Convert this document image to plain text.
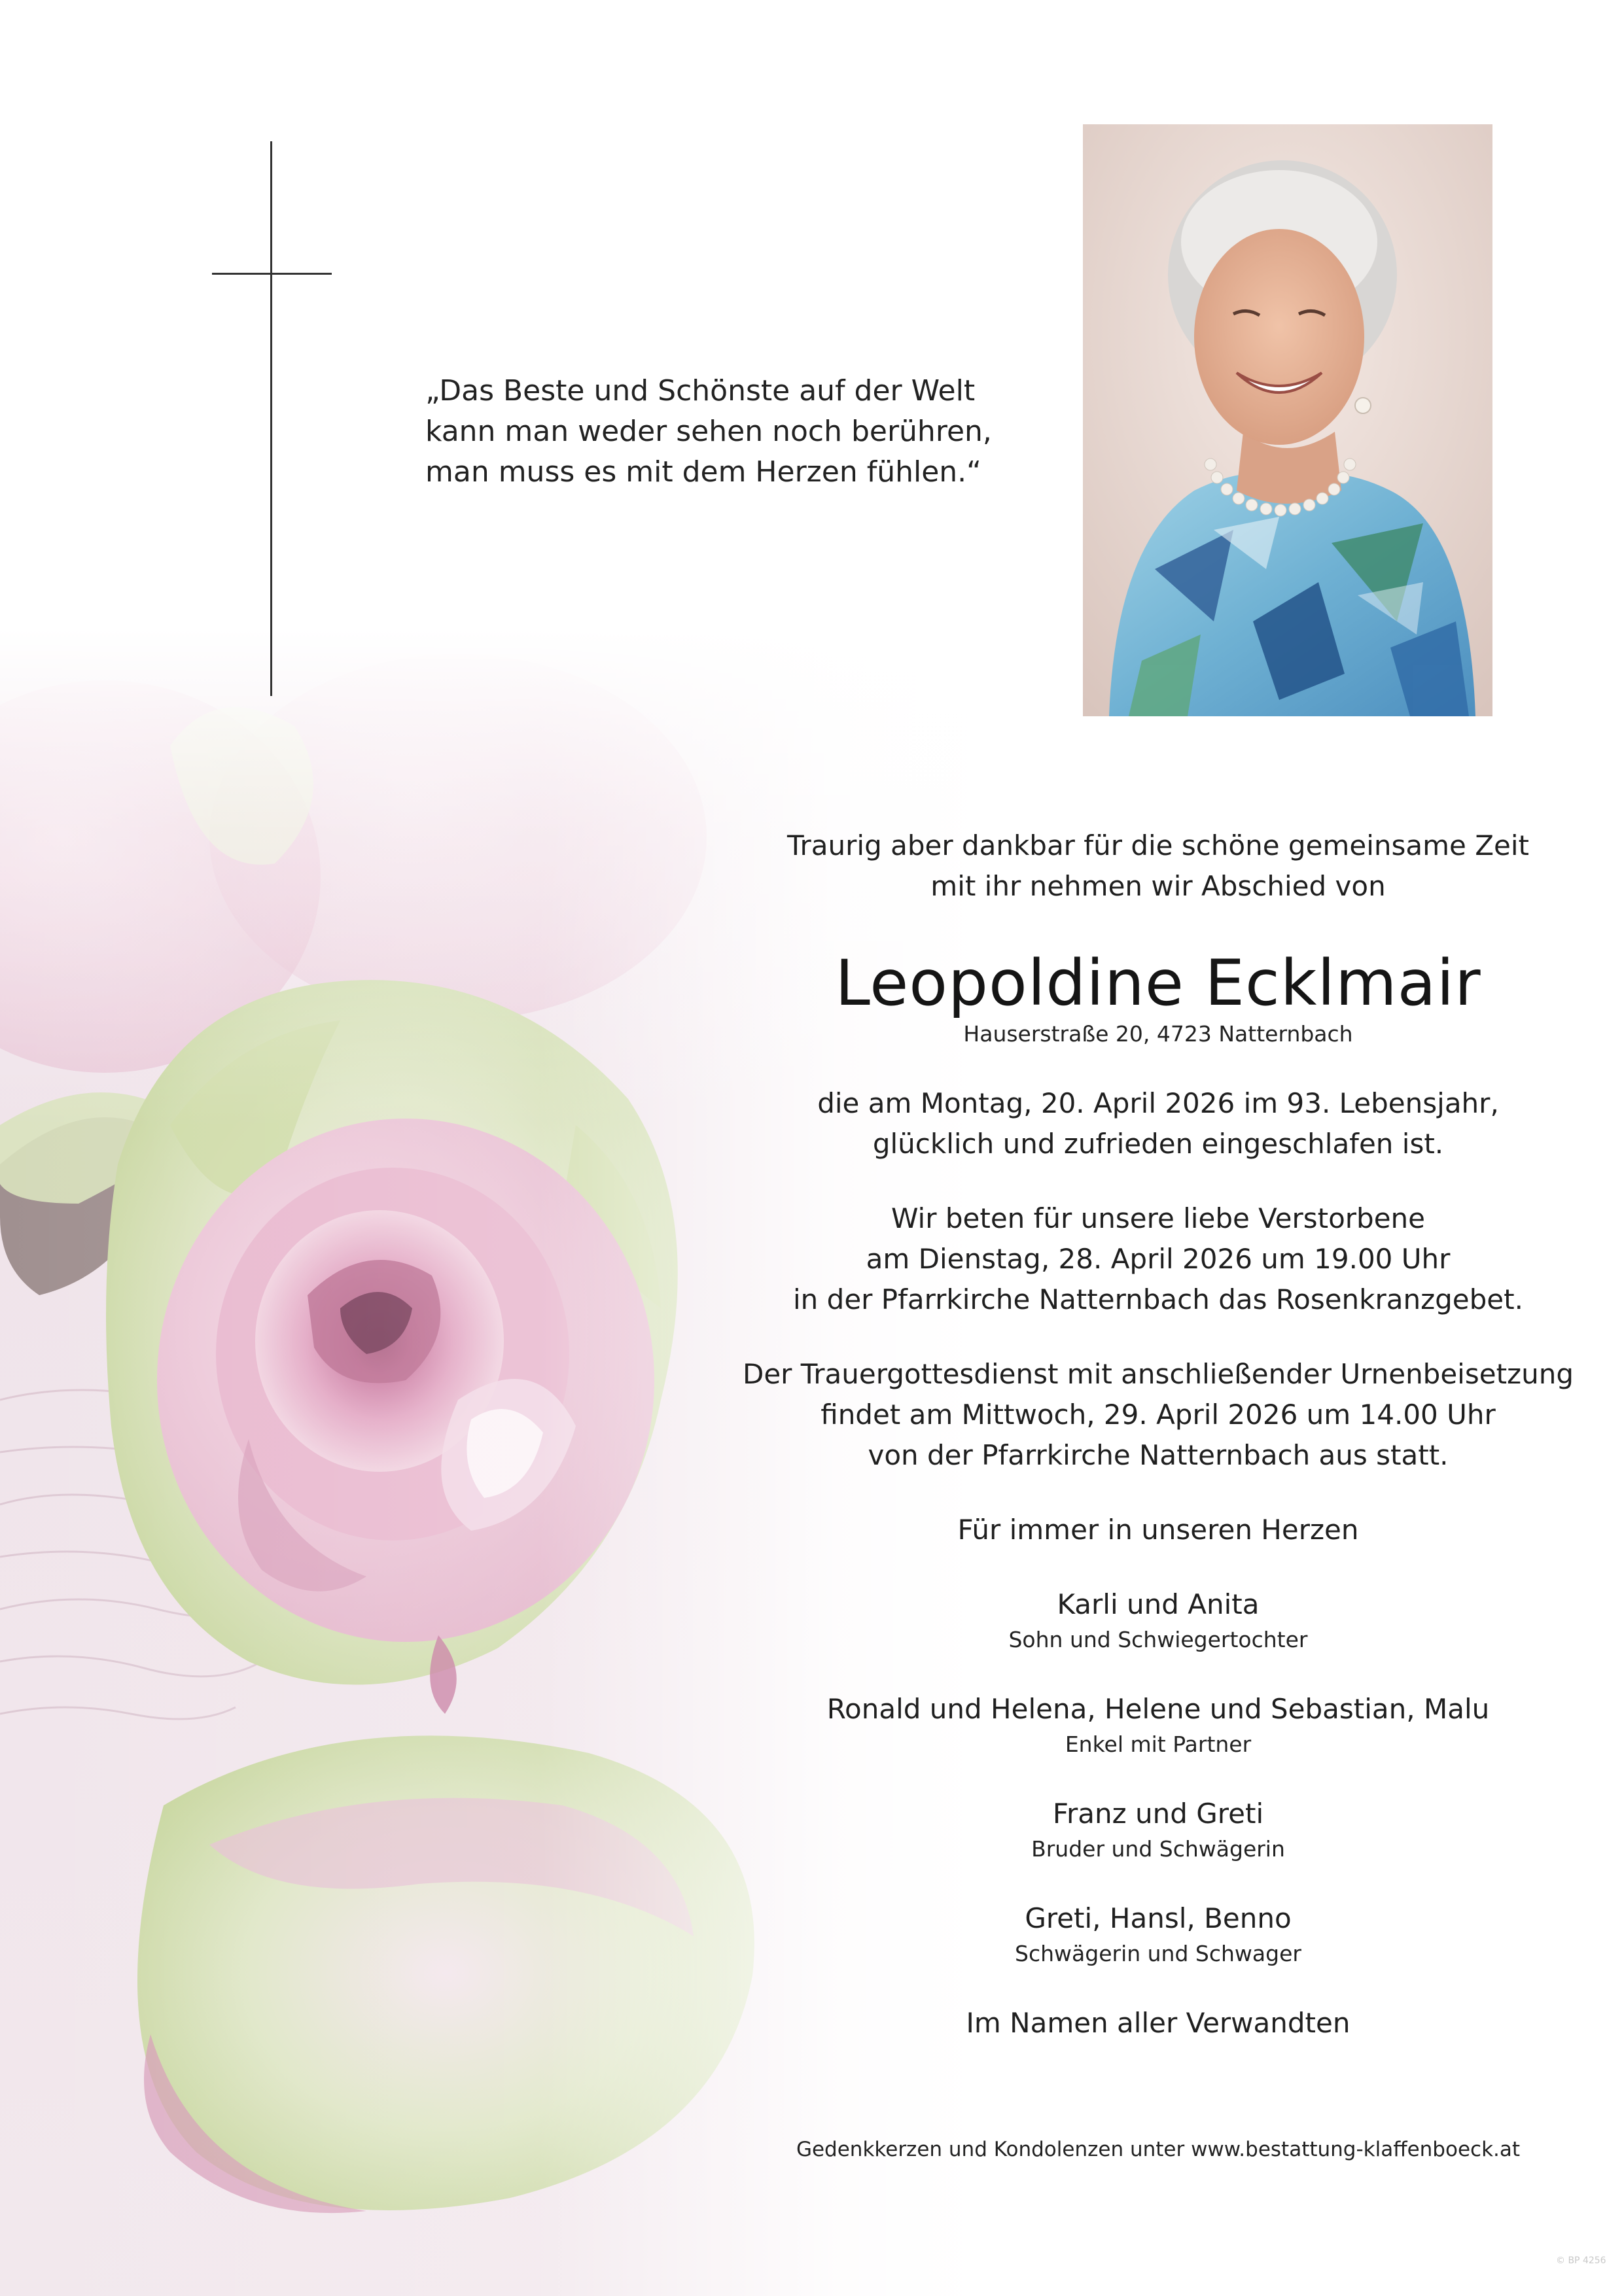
„Das Beste und Schönste auf der Welt
kann man weder sehen noch berühren,
man muss es mit dem Herzen fühlen.“
Traurig aber dankbar für die schöne gemeinsame Zeit
mit ihr nehmen wir Abschied von
Leopoldine Ecklmair
Hauserstraße 20, 4723 Natternbach
die am Montag, 20. April 2026 im 93. Lebensjahr,
glücklich und zufrieden eingeschlafen ist.
Wir beten für unsere liebe Verstorbene
am Dienstag, 28. April 2026 um 19.00 Uhr
in der Pfarrkirche Natternbach das Rosenkranzgebet.
Der Trauergottesdienst mit anschließender Urnenbeisetzung
findet am Mittwoch, 29. April 2026 um 14.00 Uhr
von der Pfarrkirche Natternbach aus statt.
Für immer in unseren Herzen
Karli und Anita
Sohn und Schwiegertochter
Ronald und Helena, Helene und Sebastian, Malu
Enkel mit Partner
Franz und Greti
Bruder und Schwägerin
Greti, Hansl, Benno
Schwägerin und Schwager
Im Namen aller Verwandten
Gedenkkerzen und Kondolenzen unter www.bestattung-klaffenboeck.at
© BP 4256
